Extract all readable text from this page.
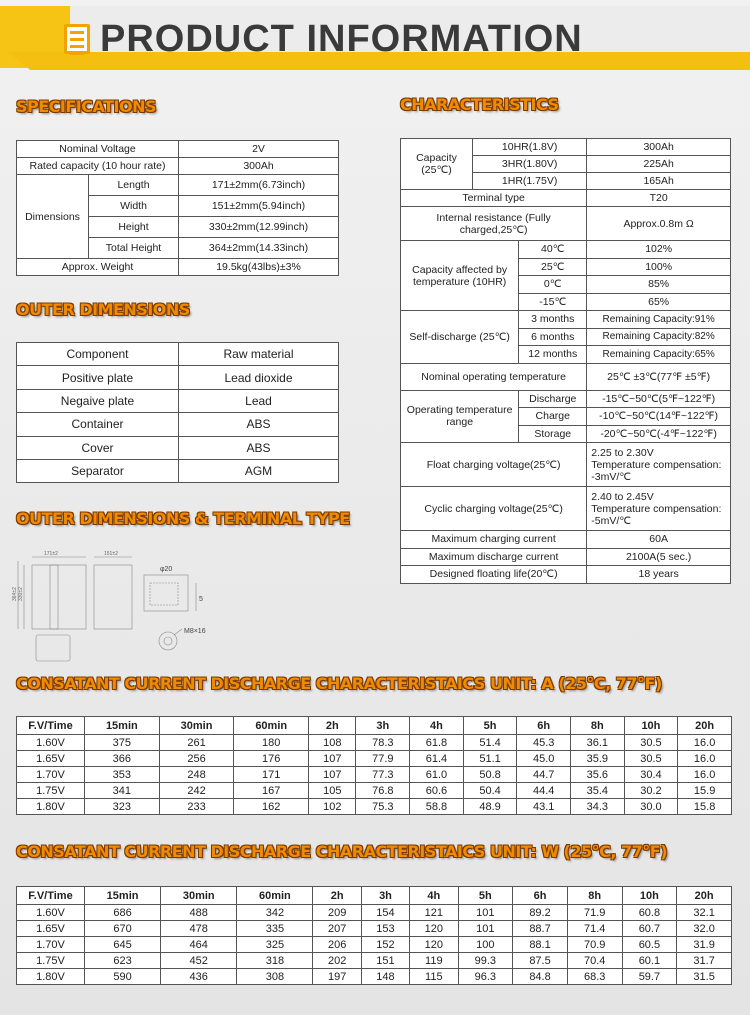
PRODUCT INFORMATION
SPECIFICATIONS	CHARACTERISTICS
OUTER DIMENSIONS
OUTER DIMENSIONS & TERMINAL TYPE
CONSATANT CURRENT DISCHARGE CHARACTERISTAICS UNIT: A (25°C, 77°F)
CONSATANT CURRENT DISCHARGE CHARACTERISTAICS UNIT: W (25°C, 77°F)
Nominal Voltage		2V
Rated capacity (10 hour rate)		300Ah
Dimensions	Length	171±2mm(6.73inch)
	Width	151±2mm(5.94inch)
	Height	330±2mm(12.99inch)
	Total Height	364±2mm(14.33inch)
Approx. Weight		19.5kg(43lbs)±3%
Component	Raw material
Positive plate	Lead dioxide
Negaive plate	Lead
Container	ABS
Cover	ABS
Separator	AGM
171±2	151±2
364±2 330±2
φ20
5
M8×16
Capacity (25℃)	10HR(1.8V)		300Ah
	3HR(1.80V)		225Ah
	1HR(1.75V)		165Ah
Terminal type			T20
Internal resistance (Fully charged,25℃)			Approx.0.8m Ω
Capacity affected by temperature (10HR)		40℃	102%
		25℃	100%
		0℃	85%
		-15℃	65%
Self-discharge (25℃)		3 months	Remaining Capacity:91%
		6 months	Remaining Capacity:82%
		12 months	Remaining Capacity:65%
Nominal operating temperature			25℃ ±3℃(77℉ ±5℉)
Operating temperature range		Discharge	-15℃~50℃(5℉~122℉)
		Charge	-10℃~50℃(14℉~122℉)
		Storage	-20℃~50℃(-4℉~122℉)
Float charging voltage(25℃)			2.25 to 2.30V
Temperature compensation: -3mV/℃

Cyclic charging voltage(25℃)			2.40 to 2.45V
Temperature compensation: -5mV/℃

Maximum charging current			60A
Maximum discharge current			2100A(5 sec.)
Designed floating life(20℃)			18 years
F.V/Time	15min	30min	60min	2h	3h	4h	5h	6h	8h	10h	20h
1.60V	375	261	180	108	78.3	61.8	51.4	45.3	36.1	30.5	16.0
1.65V	366	256	176	107	77.9	61.4	51.1	45.0	35.9	30.5	16.0
1.70V	353	248	171	107	77.3	61.0	50.8	44.7	35.6	30.4	16.0
1.75V	341	242	167	105	76.8	60.6	50.4	44.4	35.4	30.2	15.9
1.80V	323	233	162	102	75.3	58.8	48.9	43.1	34.3	30.0	15.8
F.V/Time	15min	30min	60min	2h	3h	4h	5h	6h	8h	10h	20h
1.60V	686	488	342	209	154	121	101	89.2	71.9	60.8	32.1
1.65V	670	478	335	207	153	120	101	88.7	71.4	60.7	32.0
1.70V	645	464	325	206	152	120	100	88.1	70.9	60.5	31.9
1.75V	623	452	318	202	151	119	99.3	87.5	70.4	60.1	31.7
1.80V	590	436	308	197	148	115	96.3	84.8	68.3	59.7	31.5
